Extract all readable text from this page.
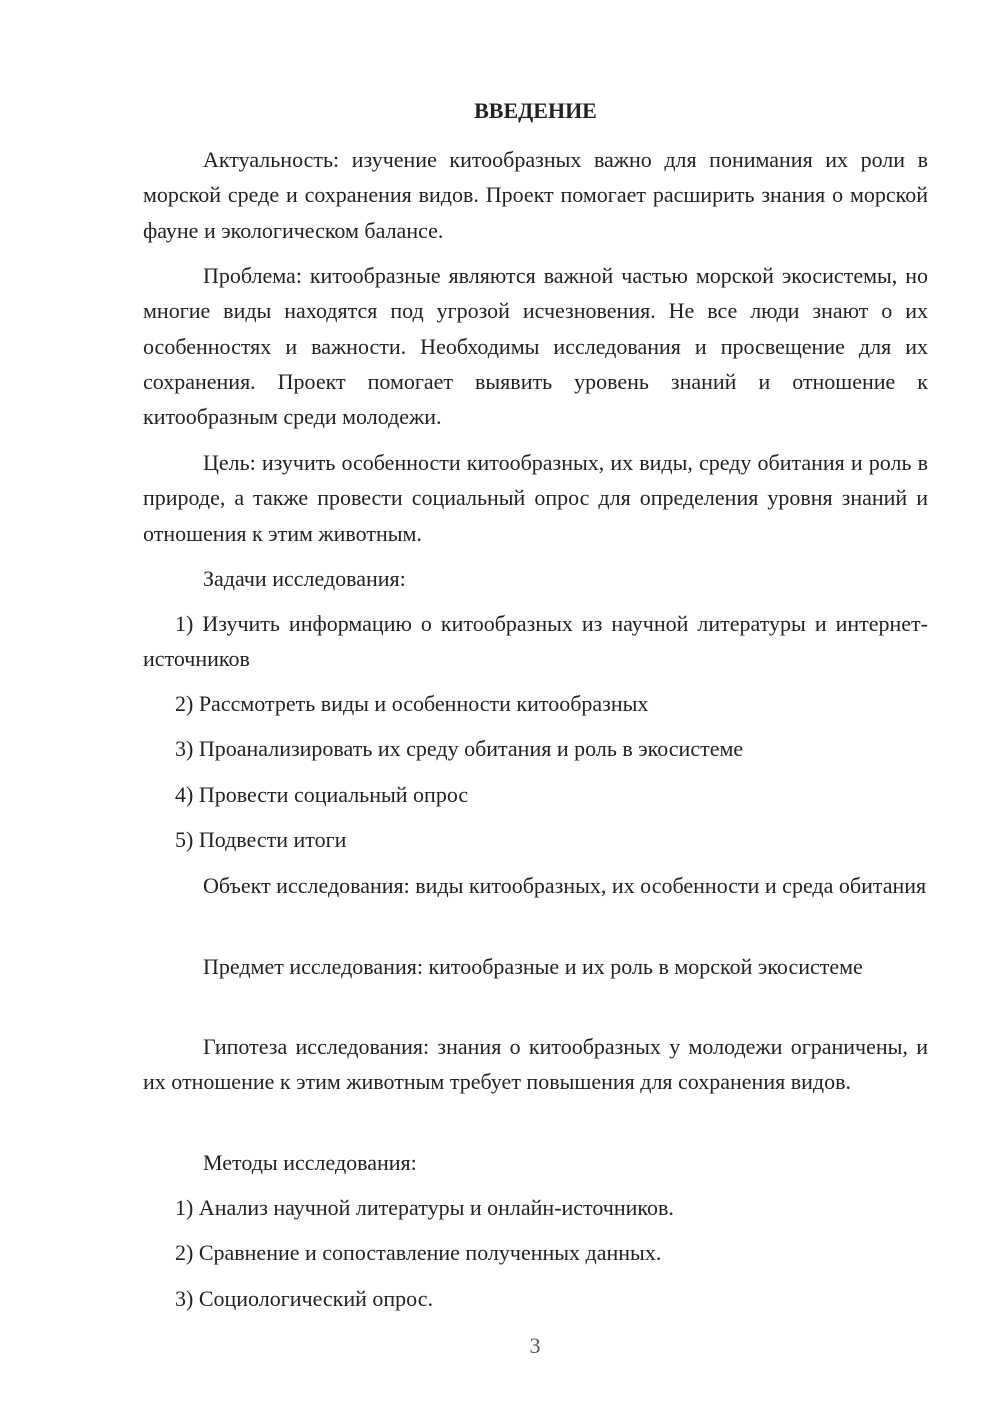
ВВЕДЕНИЕ

Актуальность: изучение китообразных важно для понимания их роли в морской среде и сохранения видов. Проект помогает расширить знания о морской фауне и экологическом балансе.

Проблема: китообразные являются важной частью морской экосистемы, но многие виды находятся под угрозой исчезновения. Не все люди знают о их особенностях и важности. Необходимы исследования и просвещение для их сохранения. Проект помогает выявить уровень знаний и отношение к китообразным среди молодежи.

Цель: изучить особенности китообразных, их виды, среду обитания и роль в природе, а также провести социальный опрос для определения уровня знаний и отношения к этим животным.

Задачи исследования:

1) Изучить информацию о китообразных из научной литературы и интернет-источников

2) Рассмотреть виды и особенности китообразных

3) Проанализировать их среду обитания и роль в экосистеме

4) Провести социальный опрос

5) Подвести итоги

Объект исследования: виды китообразных, их особенности и среда обитания

Предмет исследования: китообразные и их роль в морской экосистеме

Гипотеза исследования: знания о китообразных у молодежи ограничены, и их отношение к этим животным требует повышения для сохранения видов.

Методы исследования:

1) Анализ научной литературы и онлайн-источников.

2) Сравнение и сопоставление полученных данных.

3) Социологический опрос.

3
